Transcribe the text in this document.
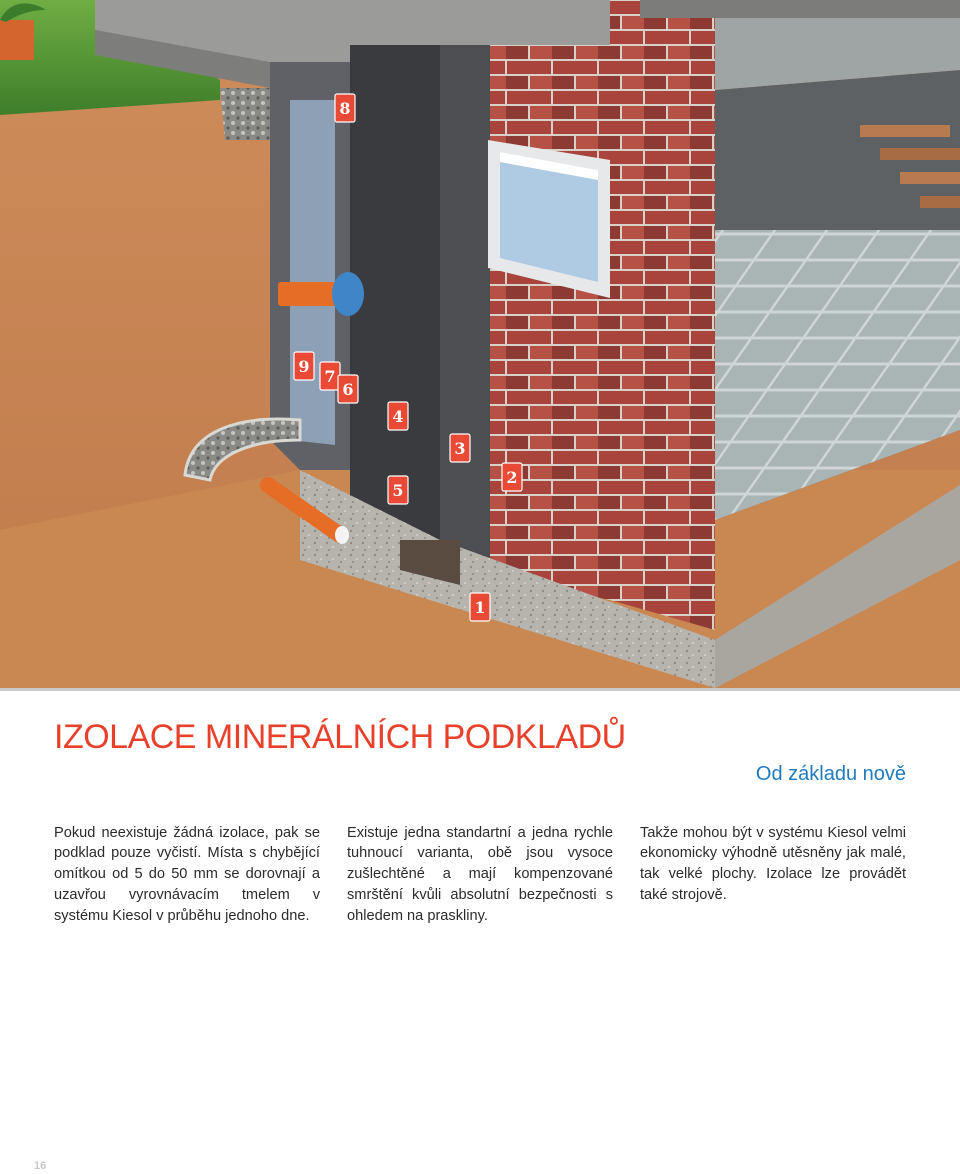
8
9
7
6
4
3
5
2
1
IZOLACE MINERÁLNÍCH PODKLADŮ
Od základu nově

Pokud neexistuje žádná izolace, pak se podklad pouze vyčistí. Místa s chybějící omítkou od 5 do 50 mm se dorovnají a uzavřou vyrovnávacím tmelem v systému Kiesol v průběhu jednoho dne.

Existuje jedna standartní a jedna rychle tuhnoucí varianta, obě jsou vysoce zušlechtěné a mají kompenzované smrštění kvůli absolutní bezpečnosti s ohledem na praskliny.

Takže mohou být v systému Kiesol velmi ekonomicky výhodně utěsněny jak malé, tak velké plochy. Izolace lze provádět také strojově.

16
